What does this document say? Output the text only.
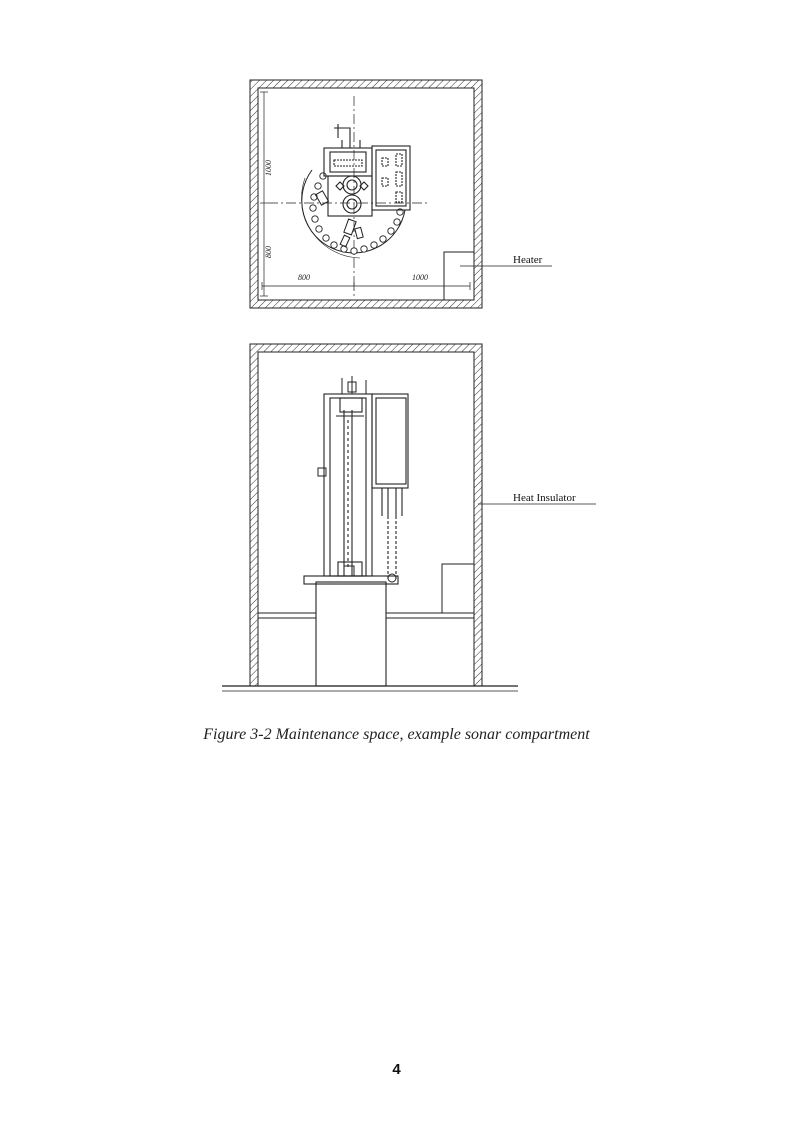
1000
800
800	1000
Heater
Heat Insulator
Figure 3-2 Maintenance space, example sonar compartment
4
